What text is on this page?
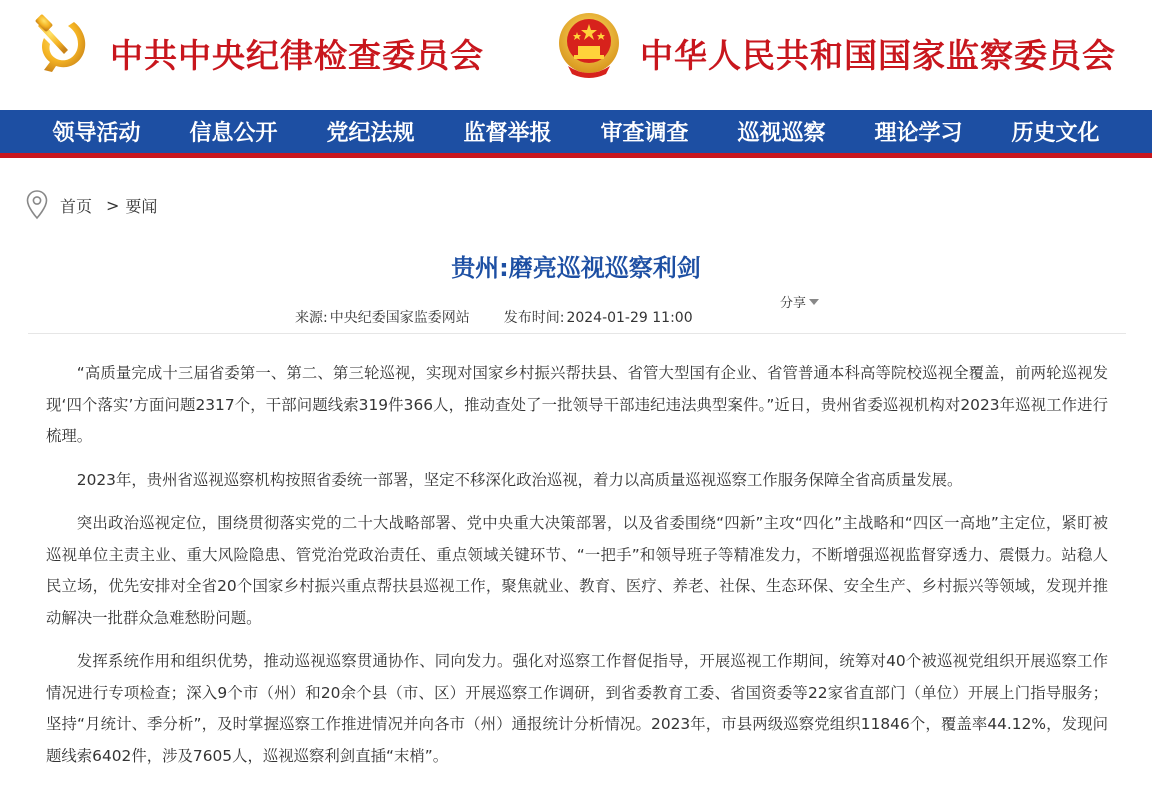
中共中央纪律检查委员会	中华人民共和国国家监察委员会
领导活动 信息公开 党纪法规 监督举报 审查调查 巡视巡察 理论学习 历史文化
首页 > 要闻
贵州:磨亮巡视巡察利剑
分享
来源: 中央纪委国家监委网站 发布时间: 2024-01-29 11:00

“高质量完成十三届省委第一、第二、第三轮巡视，实现对国家乡村振兴帮扶县、省管大型国有企业、省管普通本科高等院校巡视全覆盖，前两轮巡视发现‘四个落实’方面问题2317个，干部问题线索319件366人，推动查处了一批领导干部违纪违法典型案件。”近日，贵州省委巡视机构对2023年巡视工作进行梳理。

2023年，贵州省巡视巡察机构按照省委统一部署，坚定不移深化政治巡视，着力以高质量巡视巡察工作服务保障全省高质量发展。

突出政治巡视定位，围绕贯彻落实党的二十大战略部署、党中央重大决策部署，以及省委围绕“四新”主攻“四化”主战略和“四区一高地”主定位，紧盯被巡视单位主责主业、重大风险隐患、管党治党政治责任、重点领域关键环节、“一把手”和领导班子等精准发力，不断增强巡视监督穿透力、震慑力。站稳人民立场，优先安排对全省20个国家乡村振兴重点帮扶县巡视工作，聚焦就业、教育、医疗、养老、社保、生态环保、安全生产、乡村振兴等领域，发现并推动解决一批群众急难愁盼问题。

发挥系统作用和组织优势，推动巡视巡察贯通协作、同向发力。强化对巡察工作督促指导，开展巡视工作期间，统筹对40个被巡视党组织开展巡察工作情况进行专项检查；深入9个市（州）和20余个县（市、区）开展巡察工作调研，到省委教育工委、省国资委等22家省直部门（单位）开展上门指导服务；坚持“月统计、季分析”，及时掌握巡察工作推进情况并向各市（州）通报统计分析情况。2023年，市县两级巡察党组织11846个，覆盖率44.12%，发现问题线索6402件，涉及7605人，巡视巡察利剑直插“末梢”。
